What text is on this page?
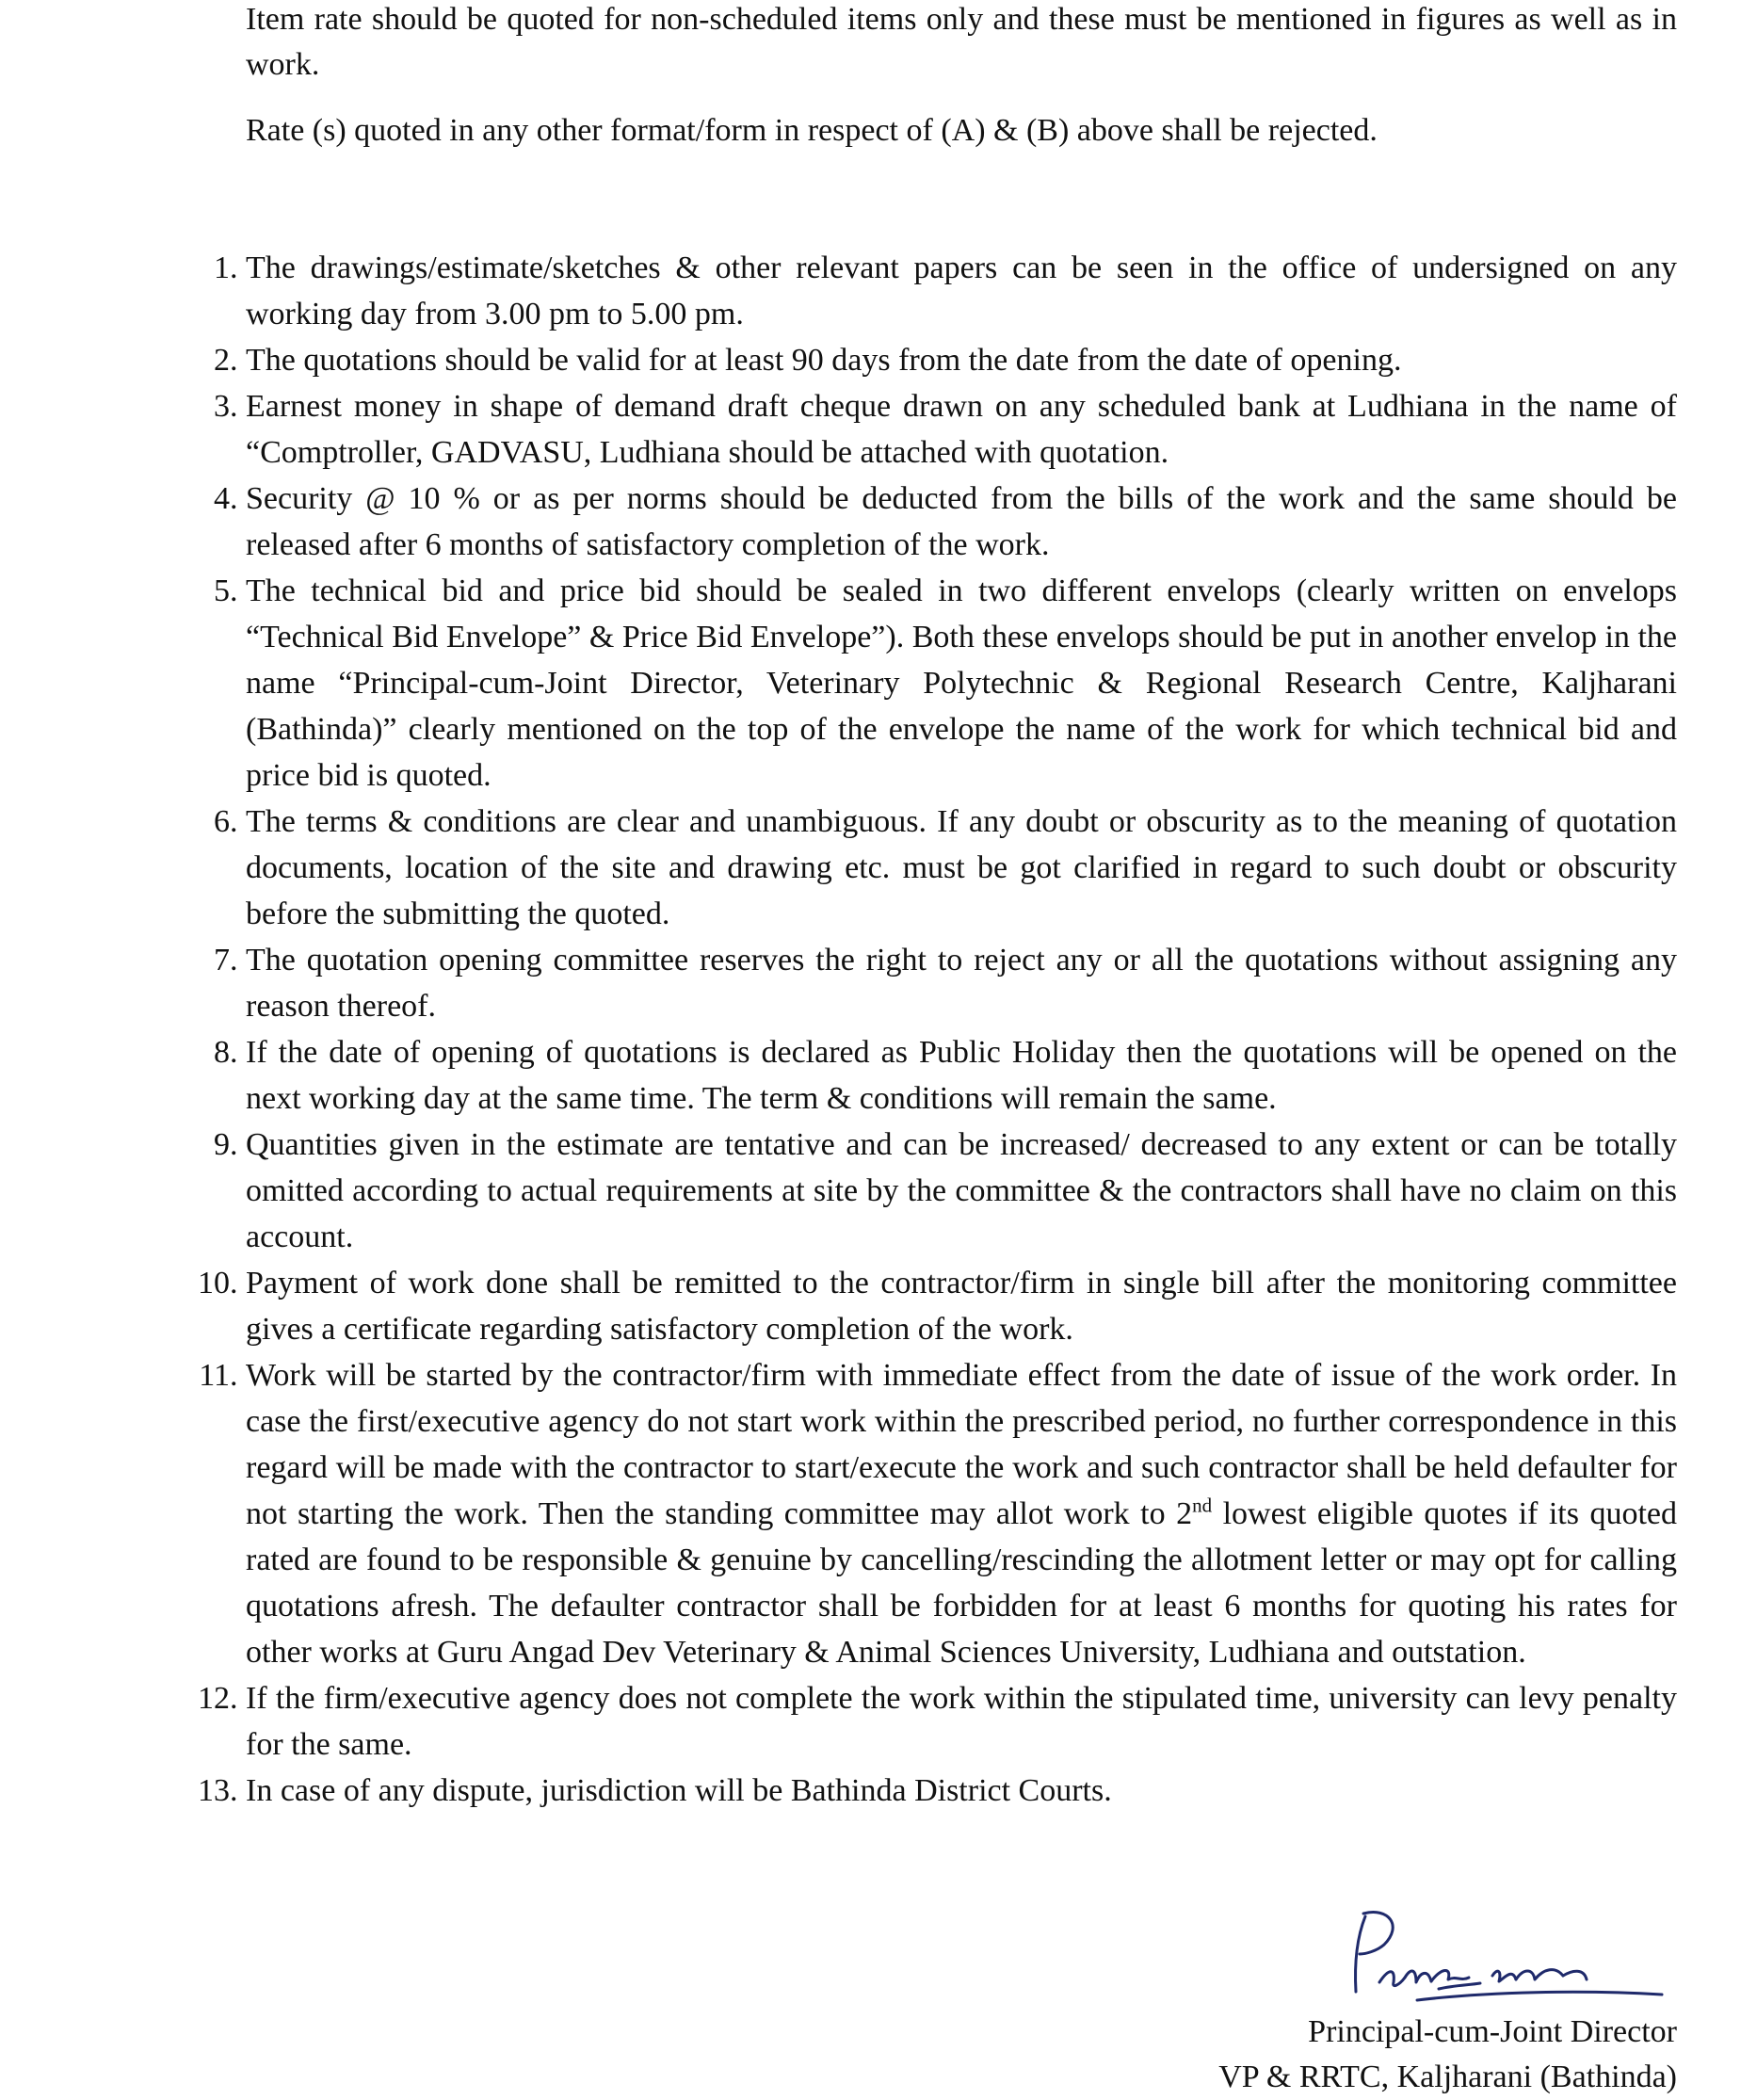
Item rate should be quoted for non-scheduled items only and these must be mentioned in figures as well as in work.

Rate (s) quoted in any other format/form in respect of (A) & (B) above shall be rejected.

1. The drawings/estimate/sketches & other relevant papers can be seen in the office of undersigned on any working day from 3.00 pm to 5.00 pm.
2. The quotations should be valid for at least 90 days from the date from the date of opening.
3. Earnest money in shape of demand draft cheque drawn on any scheduled bank at Ludhiana in the name of “Comptroller, GADVASU, Ludhiana should be attached with quotation.
4. Security @ 10 % or as per norms should be deducted from the bills of the work and the same should be released after 6 months of satisfactory completion of the work.
5. The technical bid and price bid should be sealed in two different envelops (clearly written on envelops “Technical Bid Envelope” & Price Bid Envelope”). Both these envelops should be put in another envelop in the name “Principal-cum-Joint Director, Veterinary Polytechnic & Regional Research Centre, Kaljharani (Bathinda)” clearly mentioned on the top of the envelope the name of the work for which technical bid and price bid is quoted.
6. The terms & conditions are clear and unambiguous. If any doubt or obscurity as to the meaning of quotation documents, location of the site and drawing etc. must be got clarified in regard to such doubt or obscurity before the submitting the quoted.
7. The quotation opening committee reserves the right to reject any or all the quotations without assigning any reason thereof.
8. If the date of opening of quotations is declared as Public Holiday then the quotations will be opened on the next working day at the same time. The term & conditions will remain the same.
9. Quantities given in the estimate are tentative and can be increased/ decreased to any extent or can be totally omitted according to actual requirements at site by the committee & the contractors shall have no claim on this account.
10. Payment of work done shall be remitted to the contractor/firm in single bill after the monitoring committee gives a certificate regarding satisfactory completion of the work.
11. Work will be started by the contractor/firm with immediate effect from the date of issue of the work order. In case the first/executive agency do not start work within the prescribed period, no further correspondence in this regard will be made with the contractor to start/execute the work and such contractor shall be held defaulter for not starting the work. Then the standing committee may allot work to 2nd lowest eligible quotes if its quoted rated are found to be responsible & genuine by cancelling/rescinding the allotment letter or may opt for calling quotations afresh. The defaulter contractor shall be forbidden for at least 6 months for quoting his rates for other works at Guru Angad Dev Veterinary & Animal Sciences University, Ludhiana and outstation.
12. If the firm/executive agency does not complete the work within the stipulated time, university can levy penalty for the same.
13. In case of any dispute, jurisdiction will be Bathinda District Courts.
Principal-cum-Joint Director
VP & RRTC, Kaljharani (Bathinda)
